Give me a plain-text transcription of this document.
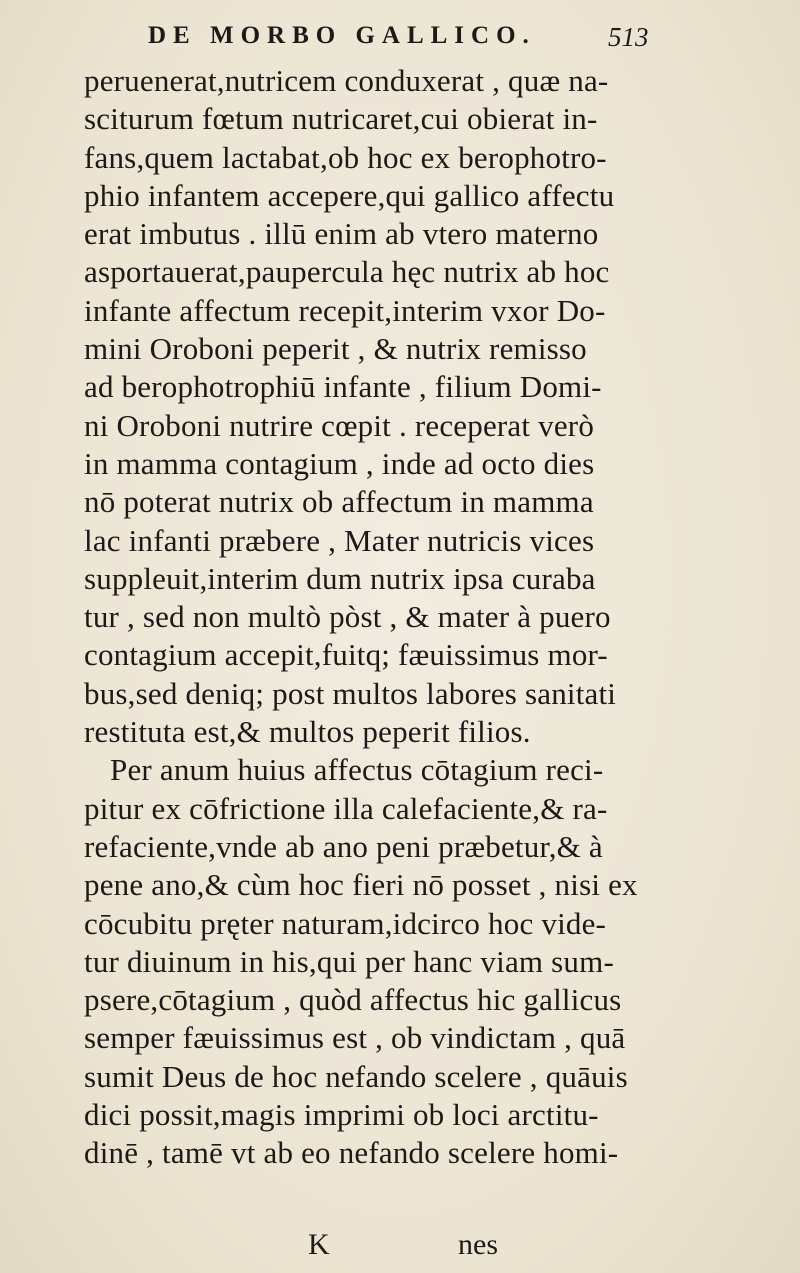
DE MORBO GALLICO.	513
peruenerat,nutricem conduxerat , quæ na-
sciturum fœtum nutricaret,cui obierat in-
fans,quem lactabat,ob hoc ex berophotro-
phio infantem accepere,qui gallico affectu
erat imbutus . illū enim ab vtero materno
asportauerat,paupercula hęc nutrix ab hoc
infante affectum recepit,interim vxor Do-
mini Oroboni peperit , & nutrix remisso
ad berophotrophiū infante , filium Domi-
ni Oroboni nutrire cœpit . receperat verò
in mamma contagium , inde ad octo dies
nō poterat nutrix ob affectum in mamma
lac infanti præbere , Mater nutricis vices
suppleuit,interim dum nutrix ipsa curaba
tur , sed non multò pòst , & mater à puero
contagium accepit,fuitq; fæuissimus mor-
bus,sed deniq; post multos labores sanitati
restituta est,& multos peperit filios.
Per anum huius affectus cōtagium reci-
pitur ex cōfrictione illa calefaciente,& ra-
refaciente,vnde ab ano peni præbetur,& à
pene ano,& cùm hoc fieri nō posset , nisi ex
cōcubitu pręter naturam,idcirco hoc vide-
tur diuinum in his,qui per hanc viam sum-
psere,cōtagium , quòd affectus hic gallicus
semper fæuissimus est , ob vindictam , quā
sumit Deus de hoc nefando scelere , quāuis
dici possit,magis imprimi ob loci arctitu-
dinē , tamē vt ab eo nefando scelere homi-
K	nes
